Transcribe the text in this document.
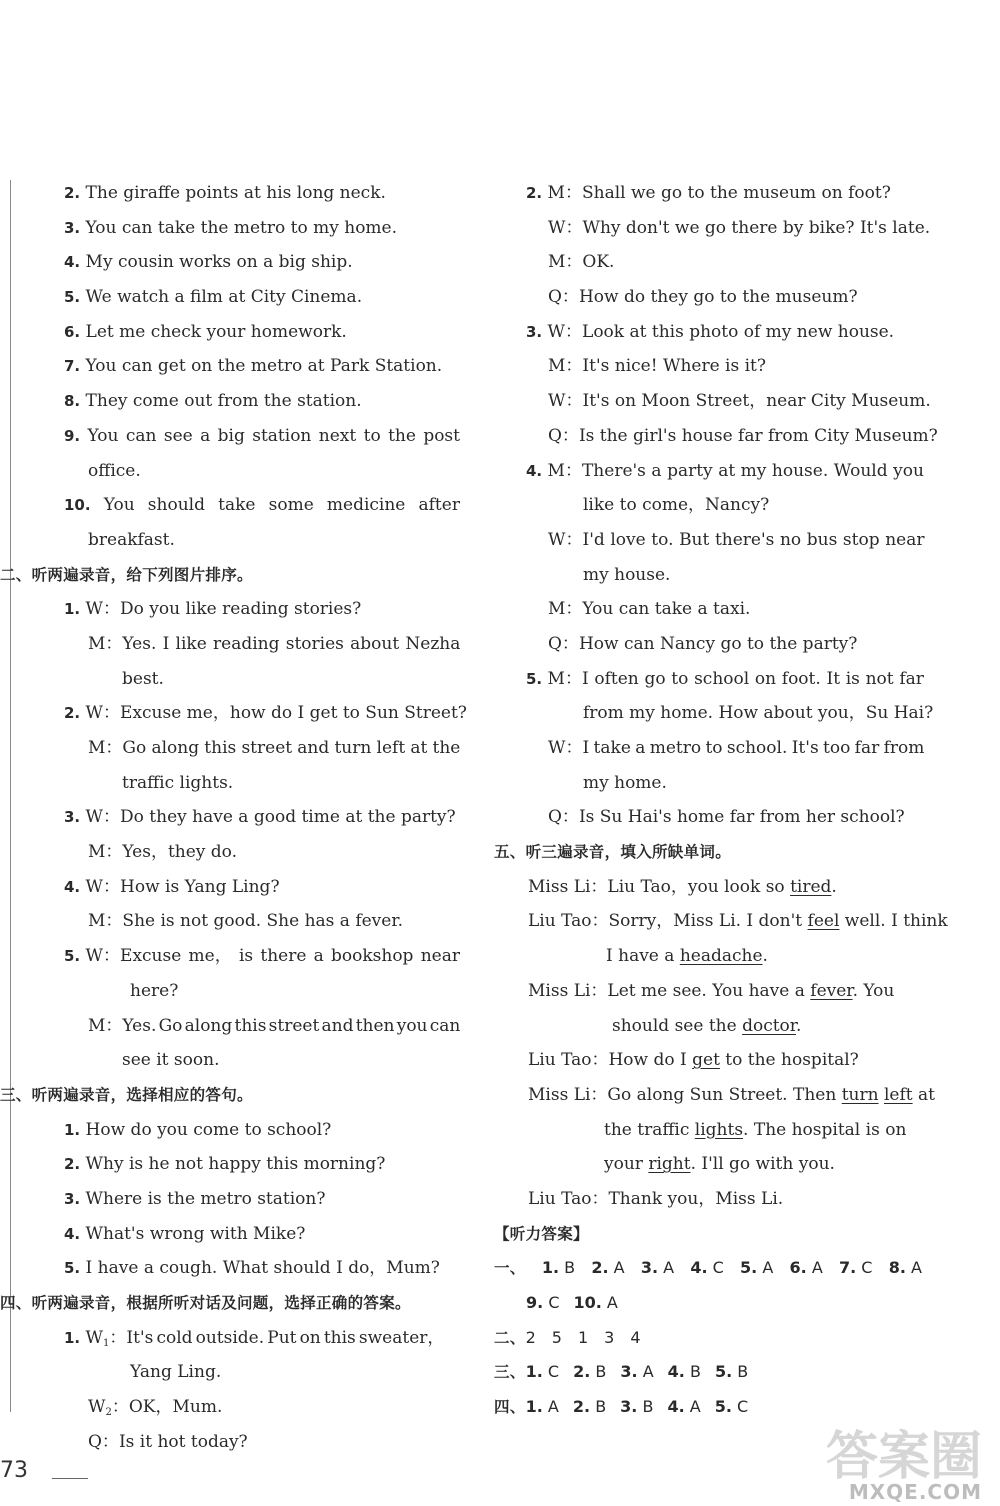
2. The giraffe points at his long neck.
3. You can take the metro to my home.
4. My cousin works on a big ship.
5. We watch a film at City Cinema.
6. Let me check your homework.
7. You can get on the metro at Park Station.
8. They come out from the station.
9. You can see a big station next to the post
office.
10. You should take some medicine after
breakfast.
二、听两遍录音，给下列图片排序。
1. W：Do you like reading stories?
M： Yes. I like reading stories about Nezha
best.
2. W：Excuse me，how do I get to Sun Street?
M： Go along this street and turn left at the
traffic lights.
3. W：Do they have a good time at the party?
M：Yes，they do.
4. W：How is Yang Ling?
M：She is not good. She has a fever.
5. W： Excuse me， is there a bookshop near
here?
M： Yes. Go along this street and then you can
see it soon.
三、听两遍录音，选择相应的答句。
1. How do you come to school?
2. Why is he not happy this morning?
3. Where is the metro station?
4. What's wrong with Mike?
5. I have a cough. What should I do，Mum?
四、听两遍录音，根据所听对话及问题，选择正确的答案。
1. $W_1$： It's cold outside. Put on this sweater，
Yang Ling.
$W_2$：OK，Mum.
Q：Is it hot today?
2. M：Shall we go to the museum on foot?
W：Why don't we go there by bike? It's late.
M：OK.
Q：How do they go to the museum?
3. W：Look at this photo of my new house.
M：It's nice! Where is it?
W：It's on Moon Street，near City Museum.
Q：Is the girl's house far from City Museum?
4. M： There's a party at my house. Would you
like to come，Nancy?
W： I'd love to. But there's no bus stop near
my house.
M：You can take a taxi.
Q：How can Nancy go to the party?
5. M： I often go to school on foot. It is not far
from my home. How about you，Su Hai?
W： I take a metro to school. It's too far from
my home.
Q：Is Su Hai's home far from her school?
五、听三遍录音，填入所缺单词。
Miss Li：Liu Tao，you look so tired.
Liu Tao：Sorry，Miss Li. I don't feel well. I think
I have a headache.
Miss Li：Let me see. You have a fever. You
should see the doctor.
Liu Tao：How do I get to the hospital?
Miss Li：Go along Sun Street. Then turn left at
the traffic lights. The hospital is on
your right. I'll go with you.
Liu Tao：Thank you，Miss Li.
【听力答案】
一、 1. B 2. A 3. A 4. C 5. A 6. A 7. C 8. A
9. C 10. A
二、2　5　1　3　4
三、1. C 2. B 3. A 4. B 5. B
四、1. A 2. B 3. B 4. A 5. C
73	答案圈
MXQE.COM
